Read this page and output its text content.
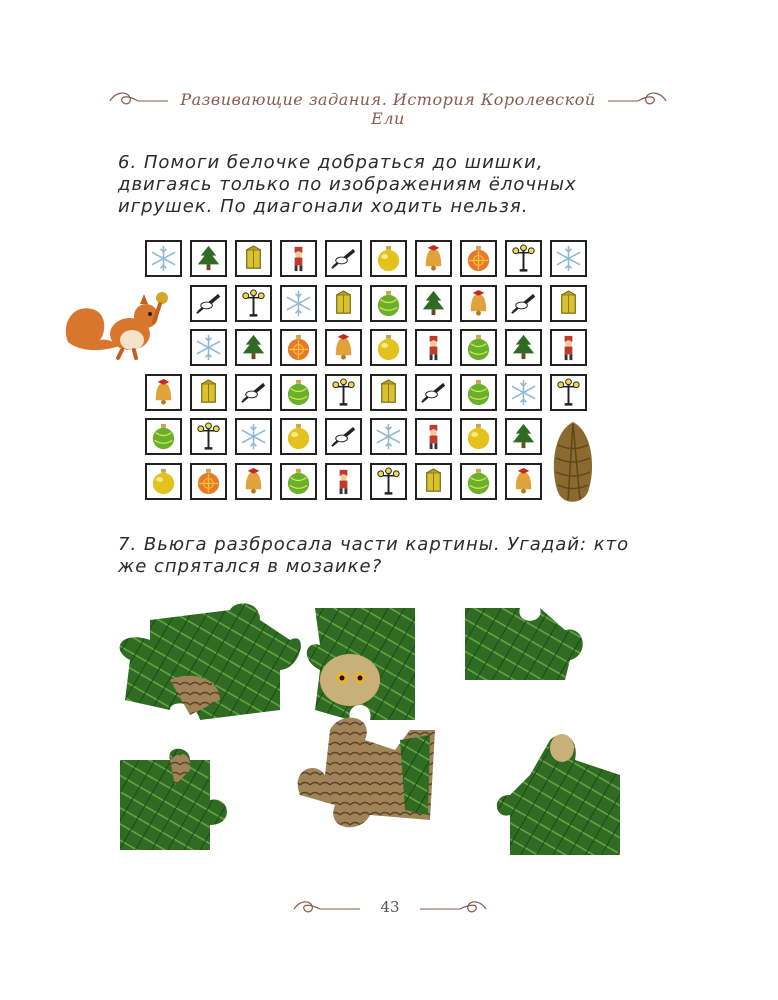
Развивающие задания. История Королевской Ели
6. Помоги белочке добраться до шишки, двигаясь только по изображениям ёлочных игрушек. По диагонали ходить нельзя.
7. Вьюга разбросала части картины. Угадай: кто же спрятался в мозаике?
43
